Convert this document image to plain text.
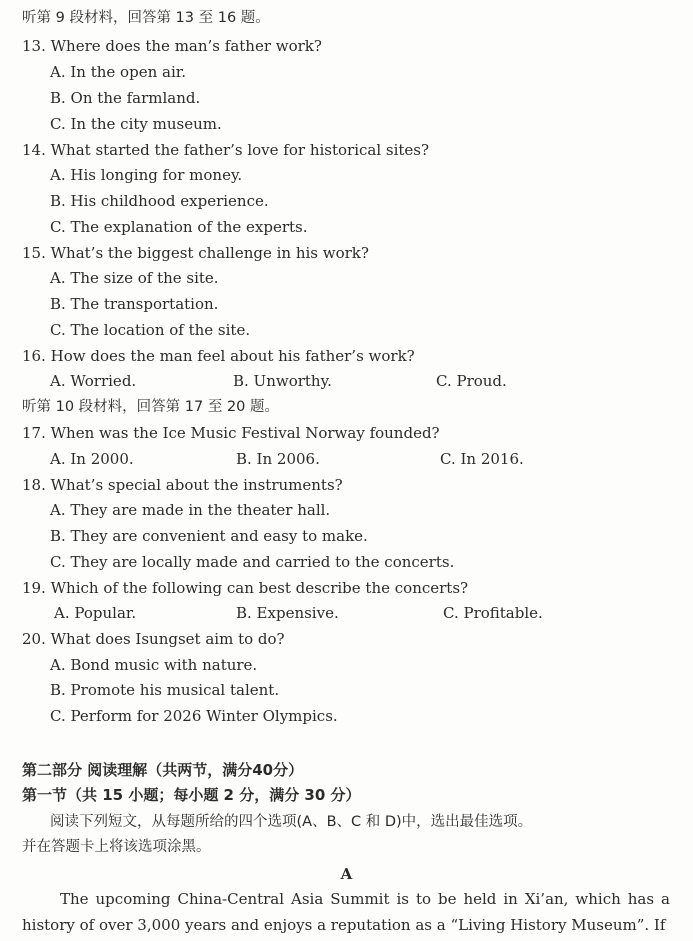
听第 9 段材料，回答第 13 至 16 题。
13. Where does the man’s father work?
A. In the open air.
B. On the farmland.
C. In the city museum.
14. What started the father’s love for historical sites?
A. His longing for money.
B. His childhood experience.
C. The explanation of the experts.
15. What’s the biggest challenge in his work?
A. The size of the site.
B. The transportation.
C. The location of the site.
16. How does the man feel about his father’s work?
A. Worried.	B. Unworthy.	C. Proud.
听第 10 段材料，回答第 17 至 20 题。
17. When was the Ice Music Festival Norway founded?
A. In 2000.	B. In 2006.	C. In 2016.
18. What’s special about the instruments?
A. They are made in the theater hall.
B. They are convenient and easy to make.
C. They are locally made and carried to the concerts.
19. Which of the following can best describe the concerts?
A. Popular.	B. Expensive.	C. Profitable.
20. What does Isungset aim to do?
A. Bond music with nature.
B. Promote his musical talent.
C. Perform for 2026 Winter Olympics.
第二部分 阅读理解（共两节，满分40分）
第一节（共 15 小题；每小题 2 分，满分 30 分）
阅读下列短文，从每题所给的四个选项(A、B、C 和 D)中，选出最佳选项。
并在答题卡上将该选项涂黑。
A
The upcoming China-Central Asia Summit is to be held in Xi’an, which has a history of over 3,000 years and enjoys a reputation as a “Living History Museum”. If
